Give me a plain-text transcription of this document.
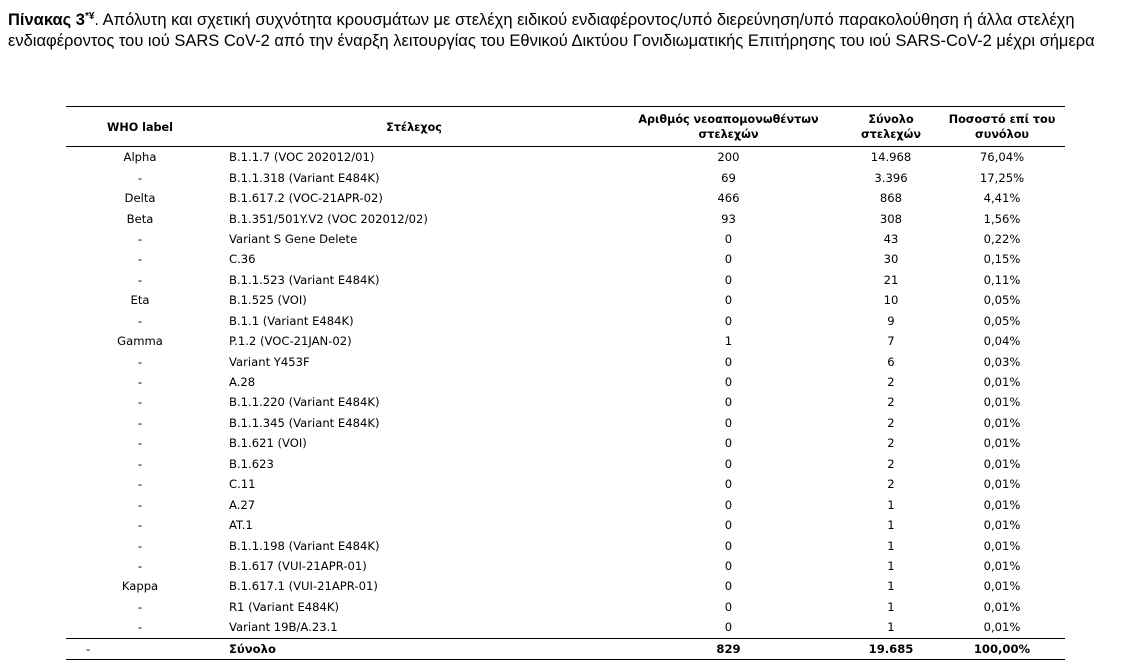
Πίνακας 3*¥. Απόλυτη και σχετική συχνότητα κρουσμάτων με στελέχη ειδικού ενδιαφέροντος/υπό διερεύνηση/υπό παρακολούθηση ή άλλα στελέχη ενδιαφέροντος του ιού SARS CoV-2 από την έναρξη λειτουργίας του Εθνικού Δικτύου Γονιδιωματικής Επιτήρησης του ιού SARS-CoV-2 μέχρι σήμερα
WHO label	Στέλεχος	Αριθμός νεοαπομονωθέντων στελεχών	Σύνολο στελεχών	Ποσοστό επί του συνόλου
Alpha	B.1.1.7 (VOC 202012/01)	200	14.968	76,04%
-	B.1.1.318 (Variant E484K)	69	3.396	17,25%
Delta	B.1.617.2 (VOC-21APR-02)	466	868	4,41%
Beta	B.1.351/501Y.V2 (VOC 202012/02)	93	308	1,56%
-	Variant S Gene Delete	0	43	0,22%
-	C.36	0	30	0,15%
-	B.1.1.523 (Variant E484K)	0	21	0,11%
Eta	B.1.525 (VOI)	0	10	0,05%
-	B.1.1 (Variant E484K)	0	9	0,05%
Gamma	P.1.2 (VOC-21JAN-02)	1	7	0,04%
-	Variant Y453F	0	6	0,03%
-	A.28	0	2	0,01%
-	B.1.1.220 (Variant E484K)	0	2	0,01%
-	B.1.1.345 (Variant E484K)	0	2	0,01%
-	B.1.621 (VOI)	0	2	0,01%
-	B.1.623	0	2	0,01%
-	C.11	0	2	0,01%
-	A.27	0	1	0,01%
-	AT.1	0	1	0,01%
-	B.1.1.198 (Variant E484K)	0	1	0,01%
-	B.1.617 (VUI-21APR-01)	0	1	0,01%
Kappa	B.1.617.1 (VUI-21APR-01)	0	1	0,01%
-	R1 (Variant E484K)	0	1	0,01%
-	Variant 19B/A.23.1	0	1	0,01%
-	Σύνολο	829	19.685	100,00%
